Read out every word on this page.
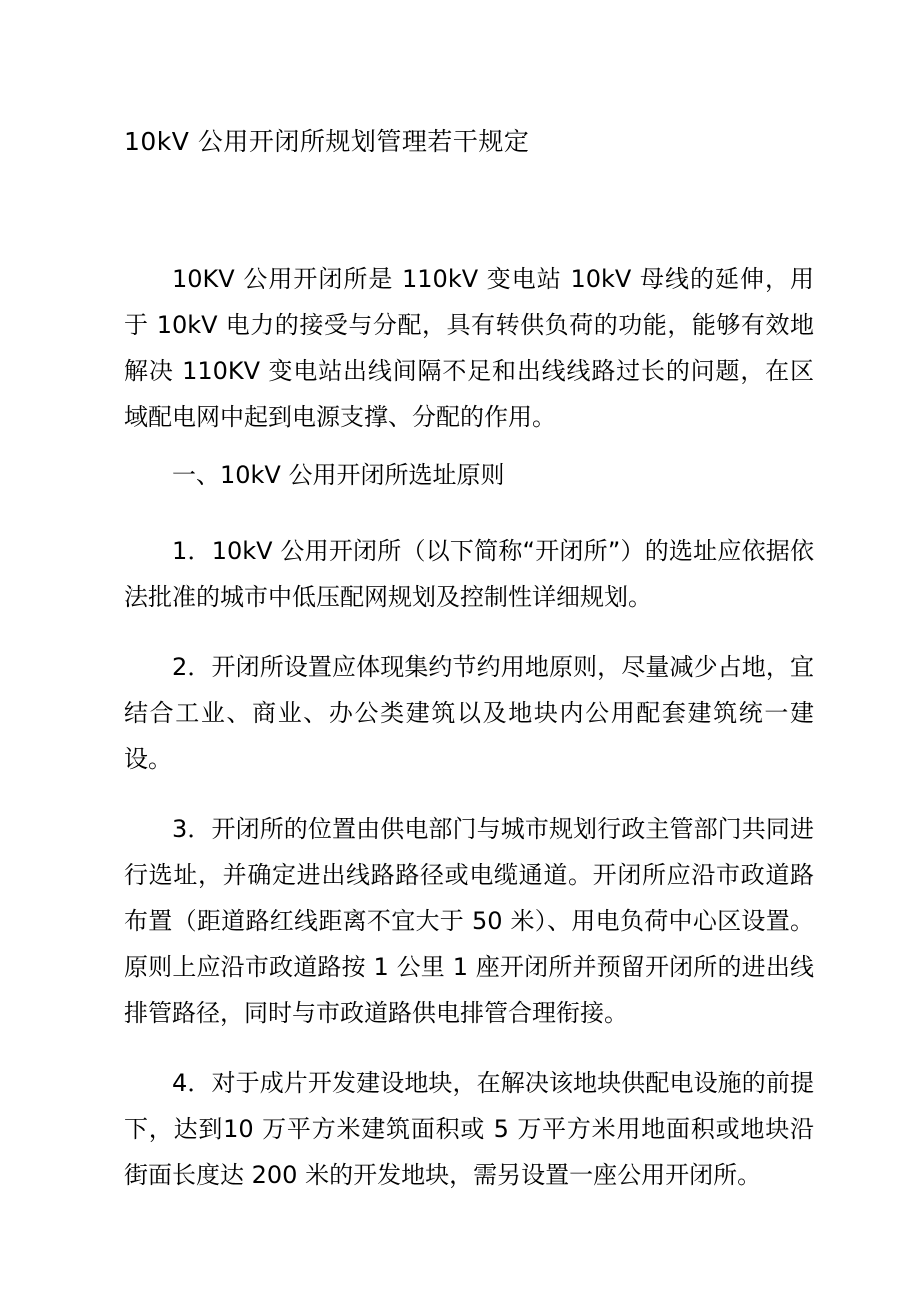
10kV 公用开闭所规划管理若干规定

10KV 公用开闭所是 110kV 变电站 10kV 母线的延伸，用于 10kV 电力的接受与分配，具有转供负荷的功能，能够有效地解决 110KV 变电站出线间隔不足和出线线路过长的问题，在区域配电网中起到电源支撑、分配的作用。

一、10kV 公用开闭所选址原则

1．10kV 公用开闭所（以下简称“开闭所”）的选址应依据依法批准的城市中低压配网规划及控制性详细规划。

2．开闭所设置应体现集约节约用地原则，尽量减少占地，宜结合工业、商业、办公类建筑以及地块内公用配套建筑统一建设。

3．开闭所的位置由供电部门与城市规划行政主管部门共同进行选址，并确定进出线路路径或电缆通道。开闭所应沿市政道路布置（距道路红线距离不宜大于 50 米）、用电负荷中心区设置。原则上应沿市政道路按 1 公里 1 座开闭所并预留开闭所的进出线排管路径，同时与市政道路供电排管合理衔接。

4．对于成片开发建设地块，在解决该地块供配电设施的前提下，达到10 万平方米建筑面积或 5 万平方米用地面积或地块沿街面长度达 200 米的开发地块，需另设置一座公用开闭所。
